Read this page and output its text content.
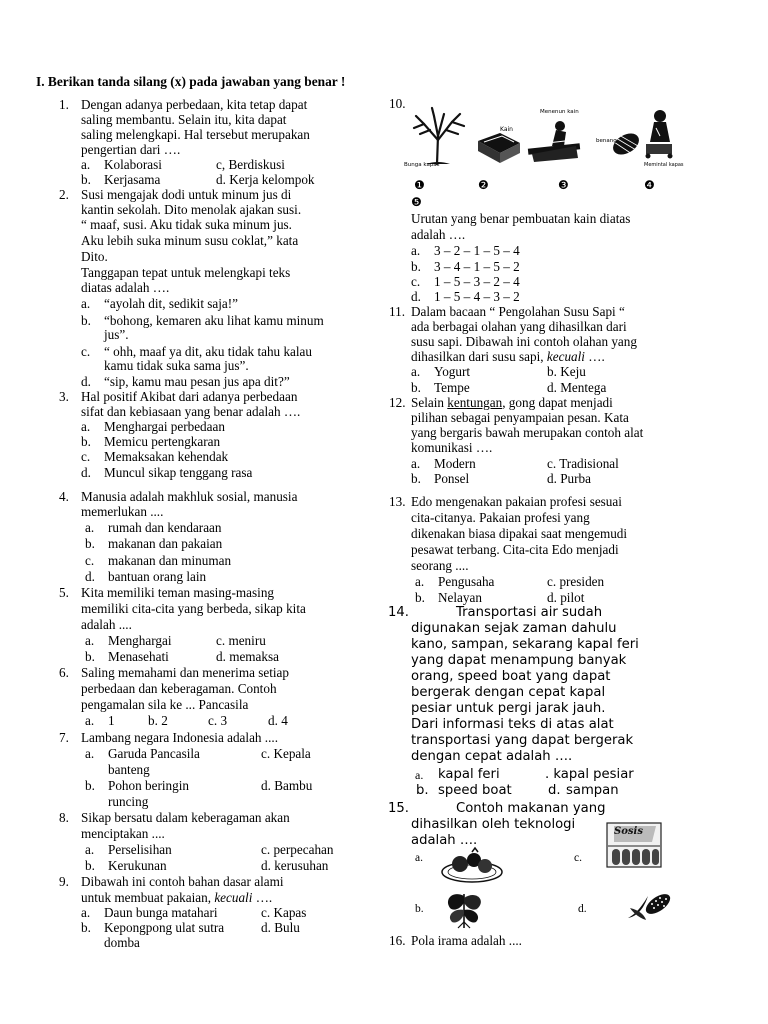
I. Berikan tanda silang (x) pada jawaban yang benar !
1. Dengan adanya perbedaan, kita tetap dapat
saling membantu. Selain itu, kita dapat
saling melengkapi. Hal tersebut merupakan
pengertian dari ….
a. Kolaborasi	c, Berdiskusi
b. Kerjasama	d. Kerja kelompok
2. Susi mengajak dodi untuk minum jus di
kantin sekolah. Dito menolak ajakan susi.
“ maaf, susi. Aku tidak suka minum jus.
Aku lebih suka minum susu coklat,” kata
Dito.
Tanggapan tepat untuk melengkapi teks
diatas adalah ….
a. “ayolah dit, sedikit saja!”
b. “bohong, kemaren aku lihat kamu minum
jus”.
c. “ ohh, maaf ya dit, aku tidak tahu kalau
kamu tidak suka sama jus”.
d. “sip, kamu mau pesan jus apa dit?”
3. Hal positif Akibat dari adanya perbedaan
sifat dan kebiasaan yang benar adalah ….
a. Menghargai perbedaan
b. Memicu pertengkaran
c. Memaksakan kehendak
d. Muncul sikap tenggang rasa
4. Manusia adalah makhluk sosial, manusia
memerlukan ....
a. rumah dan kendaraan
b. makanan dan pakaian
c. makanan dan minuman
d. bantuan orang lain
5. Kita memiliki teman masing-masing
memiliki cita-cita yang berbeda, sikap kita
adalah ....
a. Menghargai	c. meniru
b. Menasehati	d. memaksa
6. Saling memahami dan menerima setiap
perbedaan dan keberagaman. Contoh
pengamalan sila ke ... Pancasila
a. 1	b. 2	c. 3	d. 4
7. Lambang negara Indonesia adalah ....
a. Garuda Pancasila	c. Kepala
banteng
b. Pohon beringin	d. Bambu
runcing
8. Sikap bersatu dalam keberagaman akan
menciptakan ....
a. Perselisihan	c. perpecahan
b. Kerukunan	d. kerusuhan
9. Dibawah ini contoh bahan dasar alami
untuk membuat pakaian, kecuali ….
a. Daun bunga matahari	c. Kapas
b. Kepongpong ulat sutra	d. Bulu
domba
10.
Bunga kapas
Kain
Menenun kain
benang
Memintal kapas
❶	❷	❸	❹
❺
Urutan yang benar pembuatan kain diatas
adalah ….
a. 3 – 2 – 1 – 5 – 4
b. 3 – 4 – 1 – 5 – 2
c. 1 – 5 – 3 – 2 – 4
d. 1 – 5 – 4 – 3 – 2
11. Dalam bacaan “ Pengolahan Susu Sapi “
ada berbagai olahan yang dihasilkan dari
susu sapi. Dibawah ini contoh olahan yang
dihasilkan dari susu sapi, kecuali ….
a. Yogurt	b. Keju
b. Tempe	d. Mentega
12. Selain kentungan, gong dapat menjadi
pilihan sebagai penyampaian pesan. Kata
yang bergaris bawah merupakan contoh alat
komunikasi ….
a. Modern	c. Tradisional
b. Ponsel	d. Purba
13. Edo mengenakan pakaian profesi sesuai
cita-citanya. Pakaian profesi yang
dikenakan biasa dipakai saat mengemudi
pesawat terbang. Cita-cita Edo menjadi
seorang ....
a. Pengusaha	c. presiden
b. Nelayan	d. pilot
14.	Transportasi air sudah
digunakan sejak zaman dahulu
kano, sampan, sekarang kapal feri
yang dapat menampung banyak
orang, speed boat yang dapat
bergerak dengan cepat kapal
pesiar untuk pergi jarak jauh.
Dari informasi teks di atas alat
transportasi yang dapat bergerak
dengan cepat adalah ….
a. kapal feri	. kapal pesiar
b. speed boat	d. sampan
15.	Contoh makanan yang
dihasilkan oleh teknologi
adalah ….
a.	c.
Sosis
b.	d.
16. Pola irama adalah ....
